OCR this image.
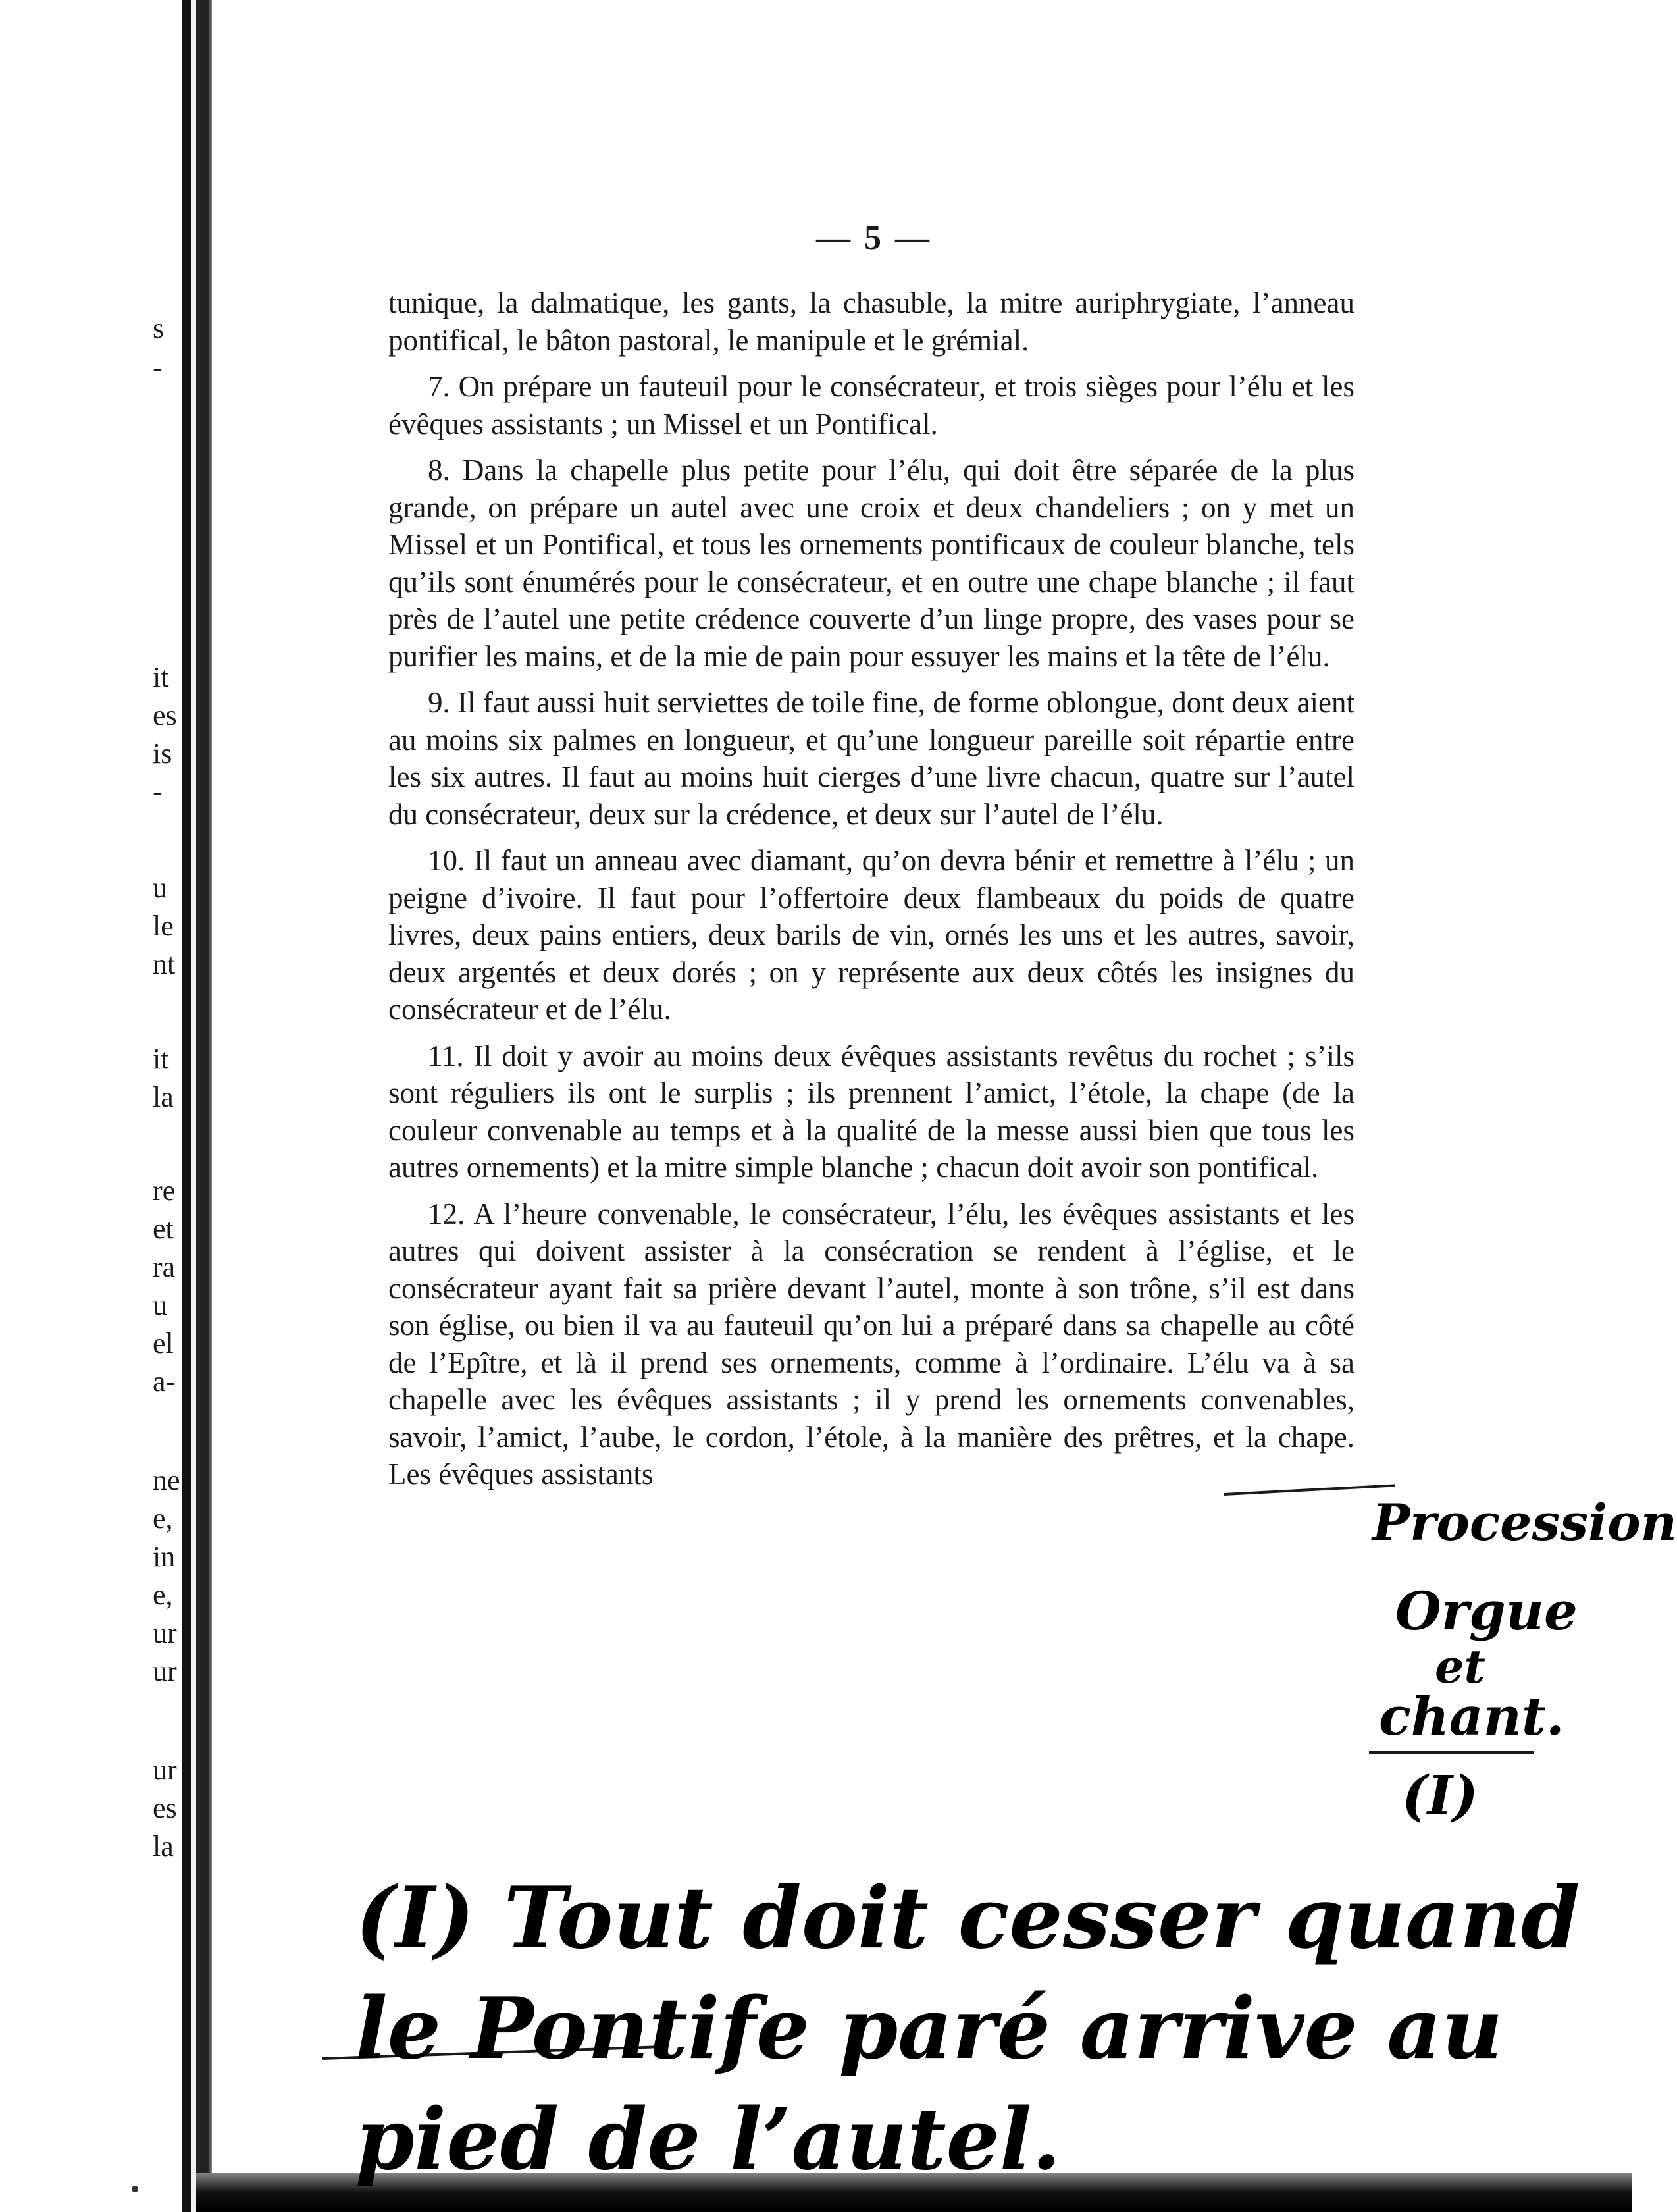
s
-
it
es
is
-
u
le
nt
it
la
re
et
ra
u
el
a-
ne
e,
in
e,
ur
ur
ur
es
la
— 5 —

tunique, la dalmatique, les gants, la chasuble, la mitre auriphrygiate, l’anneau pontifical, le bâton pastoral, le manipule et le grémial.

7. On prépare un fauteuil pour le consécrateur, et trois sièges pour l’élu et les évêques assistants ; un Missel et un Pontifical.

8. Dans la chapelle plus petite pour l’élu, qui doit être séparée de la plus grande, on prépare un autel avec une croix et deux chandeliers ; on y met un Missel et un Pontifical, et tous les ornements pontificaux de couleur blanche, tels qu’ils sont énumérés pour le consécrateur, et en outre une chape blanche ; il faut près de l’autel une petite crédence couverte d’un linge propre, des vases pour se purifier les mains, et de la mie de pain pour essuyer les mains et la tête de l’élu.

9. Il faut aussi huit serviettes de toile fine, de forme oblongue, dont deux aient au moins six palmes en longueur, et qu’une longueur pareille soit répartie entre les six autres. Il faut au moins huit cierges d’une livre chacun, quatre sur l’autel du consécrateur, deux sur la crédence, et deux sur l’autel de l’élu.

10. Il faut un anneau avec diamant, qu’on devra bénir et remettre à l’élu ; un peigne d’ivoire. Il faut pour l’offertoire deux flambeaux du poids de quatre livres, deux pains entiers, deux barils de vin, ornés les uns et les autres, savoir, deux argentés et deux dorés ; on y représente aux deux côtés les insignes du consécrateur et de l’élu.

11. Il doit y avoir au moins deux évêques assistants revêtus du rochet ; s’ils sont réguliers ils ont le surplis ; ils prennent l’amict, l’étole, la chape (de la couleur convenable au temps et à la qualité de la messe aussi bien que tous les autres ornements) et la mitre simple blanche ; chacun doit avoir son pontifical.

12. A l’heure convenable, le consécrateur, l’élu, les évêques assistants et les autres qui doivent assister à la consécration se rendent à l’église, et le consécrateur ayant fait sa prière devant l’autel, monte à son trône, s’il est dans son église, ou bien il va au fauteuil qu’on lui a préparé dans sa chapelle au côté de l’Epître, et là il prend ses ornements, comme à l’ordinaire. L’élu va à sa chapelle avec les évêques assistants ; il y prend les ornements convenables, savoir, l’amict, l’aube, le cordon, l’étole, à la manière des prêtres, et la chape. Les évêques assistants

Procession
Orgue
et
chant.
(I)
(I) Tout doit cesser quand le Pontife paré arrive au pied de l’autel.
